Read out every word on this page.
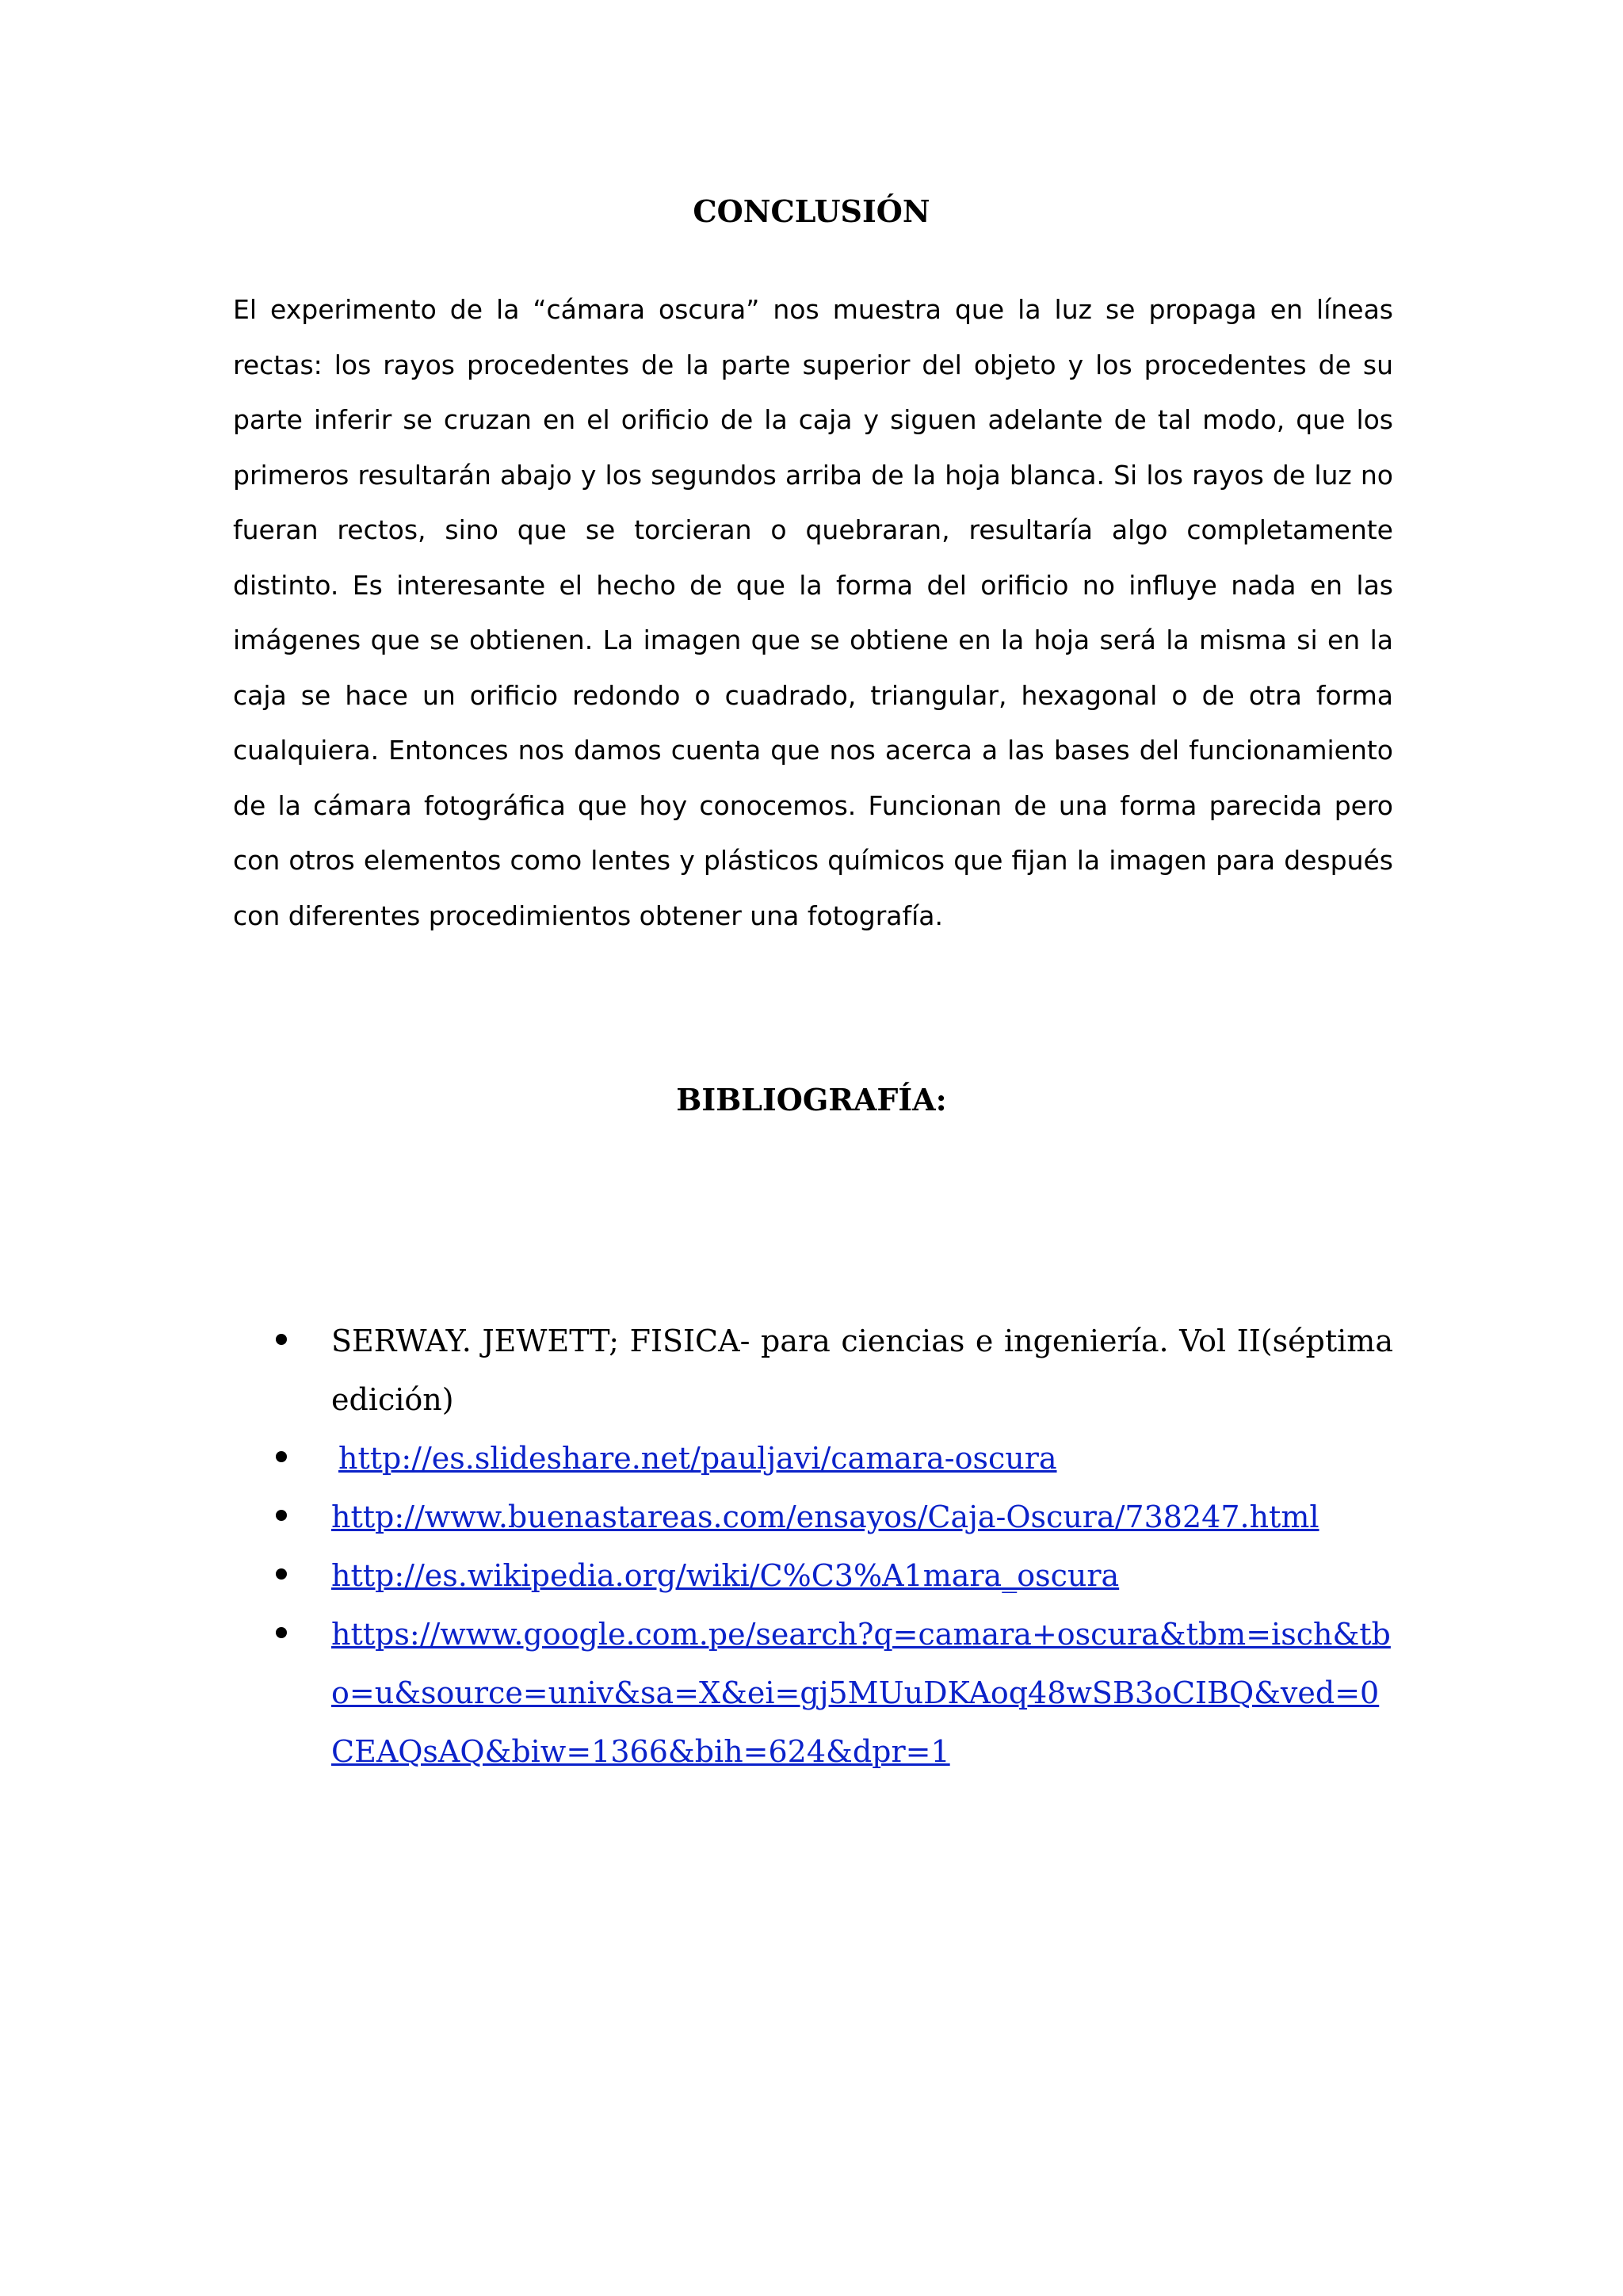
CONCLUSIÓN

El experimento de la “cámara oscura” nos muestra que la luz se propaga en líneas rectas: los rayos procedentes de la parte superior del objeto y los procedentes de su parte inferir se cruzan en el orificio de la caja y siguen adelante de tal modo, que los primeros resultarán abajo y los segundos arriba de la hoja blanca. Si los rayos de luz no fueran rectos, sino que se torcieran o quebraran, resultaría algo completamente distinto. Es interesante el hecho de que la forma del orificio no influye nada en las imágenes que se obtienen. La imagen que se obtiene en la hoja será la misma si en la caja se hace un orificio redondo o cuadrado, triangular, hexagonal o de otra forma cualquiera. Entonces nos damos cuenta que nos acerca a las bases del funcionamiento de la cámara fotográfica que hoy conocemos. Funcionan de una forma parecida pero con otros elementos como lentes y plásticos químicos que fijan la imagen para después con diferentes procedimientos obtener una fotografía.

BIBLIOGRAFÍA:
SERWAY. JEWETT; FISICA- para ciencias e ingeniería. Vol II(séptima edición)
http://es.slideshare.net/pauljavi/camara-oscura
http://www.buenastareas.com/ensayos/Caja-Oscura/738247.html
http://es.wikipedia.org/wiki/C%C3%A1mara_oscura
https://www.google.com.pe/search?q=camara+oscura&tbm=isch&tbo=u&source=univ&sa=X&ei=gj5MUuDKAoq48wSB3oCIBQ&ved=0CEAQsAQ&biw=1366&bih=624&dpr=1
